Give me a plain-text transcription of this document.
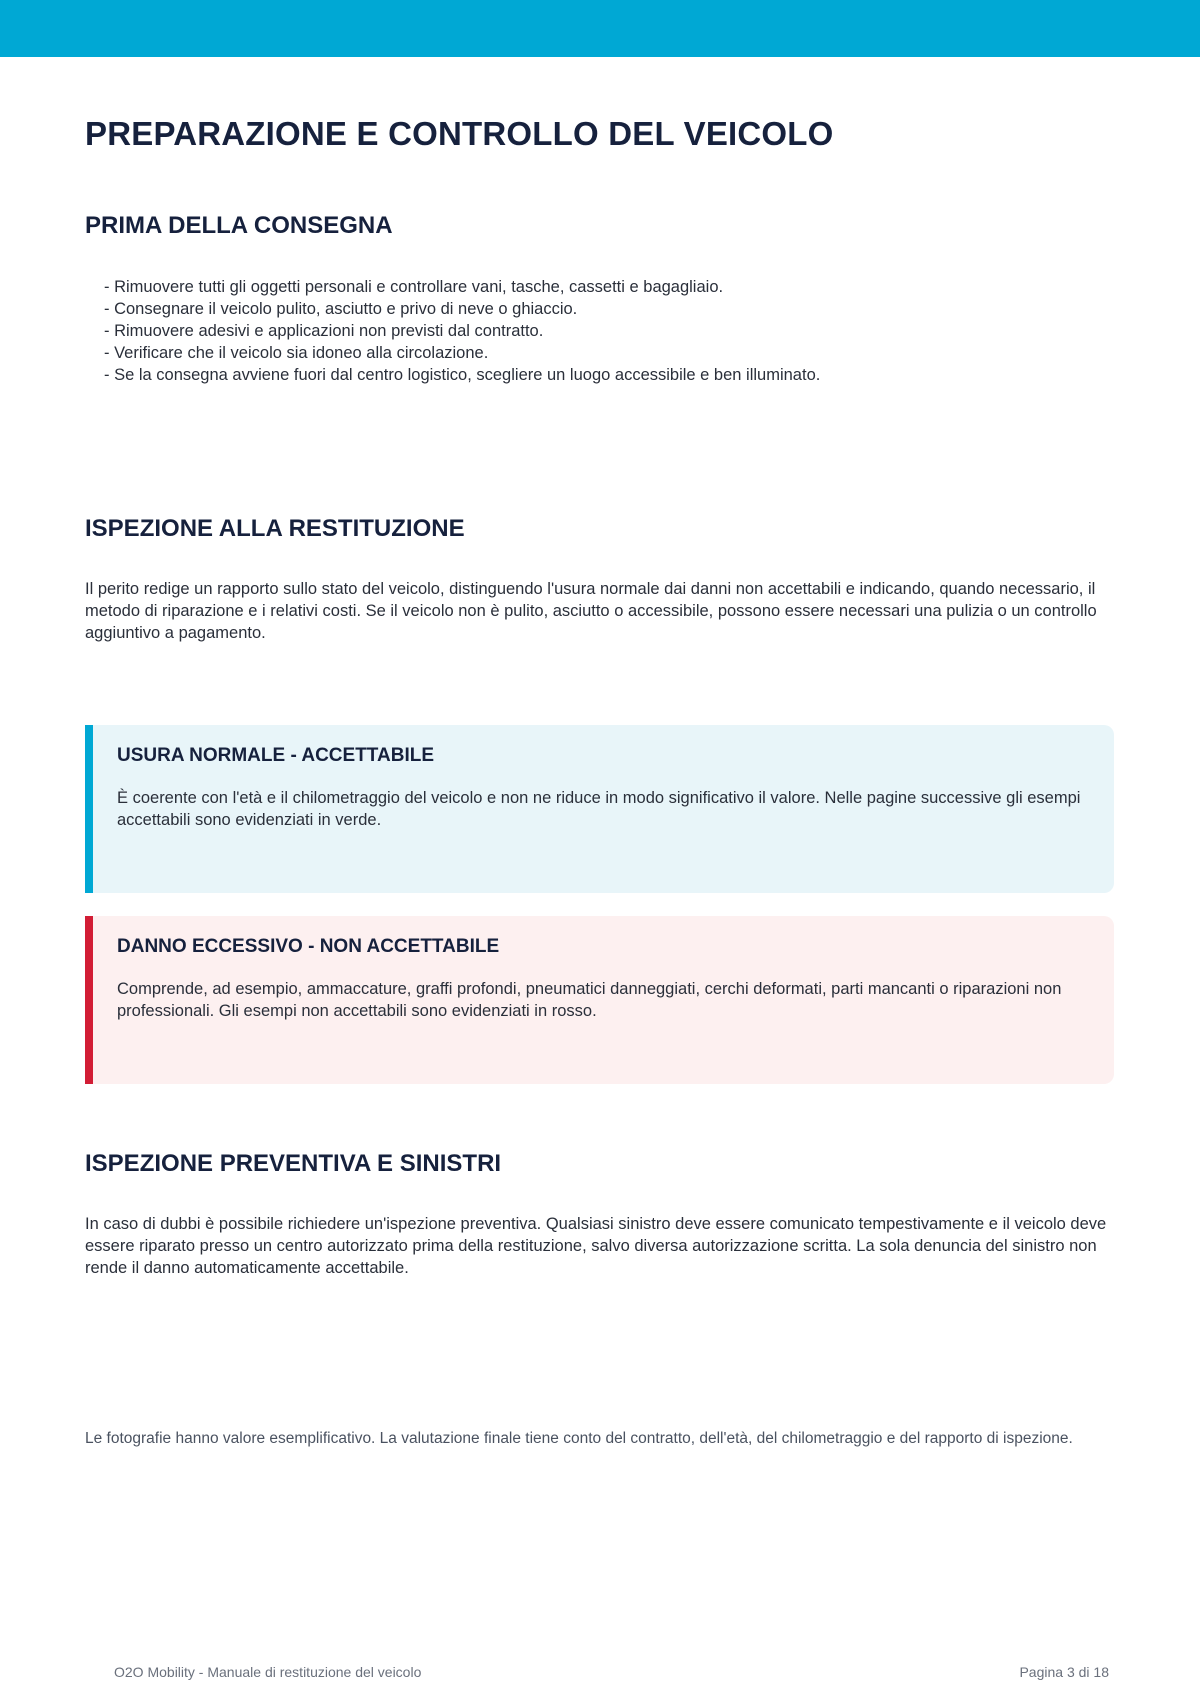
PREPARAZIONE E CONTROLLO DEL VEICOLO
PRIMA DELLA CONSEGNA
- Rimuovere tutti gli oggetti personali e controllare vani, tasche, cassetti e bagagliaio.
- Consegnare il veicolo pulito, asciutto e privo di neve o ghiaccio.
- Rimuovere adesivi e applicazioni non previsti dal contratto.
- Verificare che il veicolo sia idoneo alla circolazione.
- Se la consegna avviene fuori dal centro logistico, scegliere un luogo accessibile e ben illuminato.
ISPEZIONE ALLA RESTITUZIONE

Il perito redige un rapporto sullo stato del veicolo, distinguendo l'usura normale dai danni non accettabili e indicando, quando necessario, il metodo di riparazione e i relativi costi. Se il veicolo non è pulito, asciutto o accessibile, possono essere necessari una pulizia o un controllo aggiuntivo a pagamento.

USURA NORMALE - ACCETTABILE

È coerente con l'età e il chilometraggio del veicolo e non ne riduce in modo significativo il valore. Nelle pagine successive gli esempi accettabili sono evidenziati in verde.

DANNO ECCESSIVO - NON ACCETTABILE

Comprende, ad esempio, ammaccature, graffi profondi, pneumatici danneggiati, cerchi deformati, parti mancanti o riparazioni non professionali. Gli esempi non accettabili sono evidenziati in rosso.

ISPEZIONE PREVENTIVA E SINISTRI

In caso di dubbi è possibile richiedere un'ispezione preventiva. Qualsiasi sinistro deve essere comunicato tempestivamente e il veicolo deve essere riparato presso un centro autorizzato prima della restituzione, salvo diversa autorizzazione scritta. La sola denuncia del sinistro non rende il danno automaticamente accettabile.

Le fotografie hanno valore esemplificativo. La valutazione finale tiene conto del contratto, dell'età, del chilometraggio e del rapporto di ispezione.

O2O Mobility - Manuale di restituzione del veicolo	Pagina 3 di 18
